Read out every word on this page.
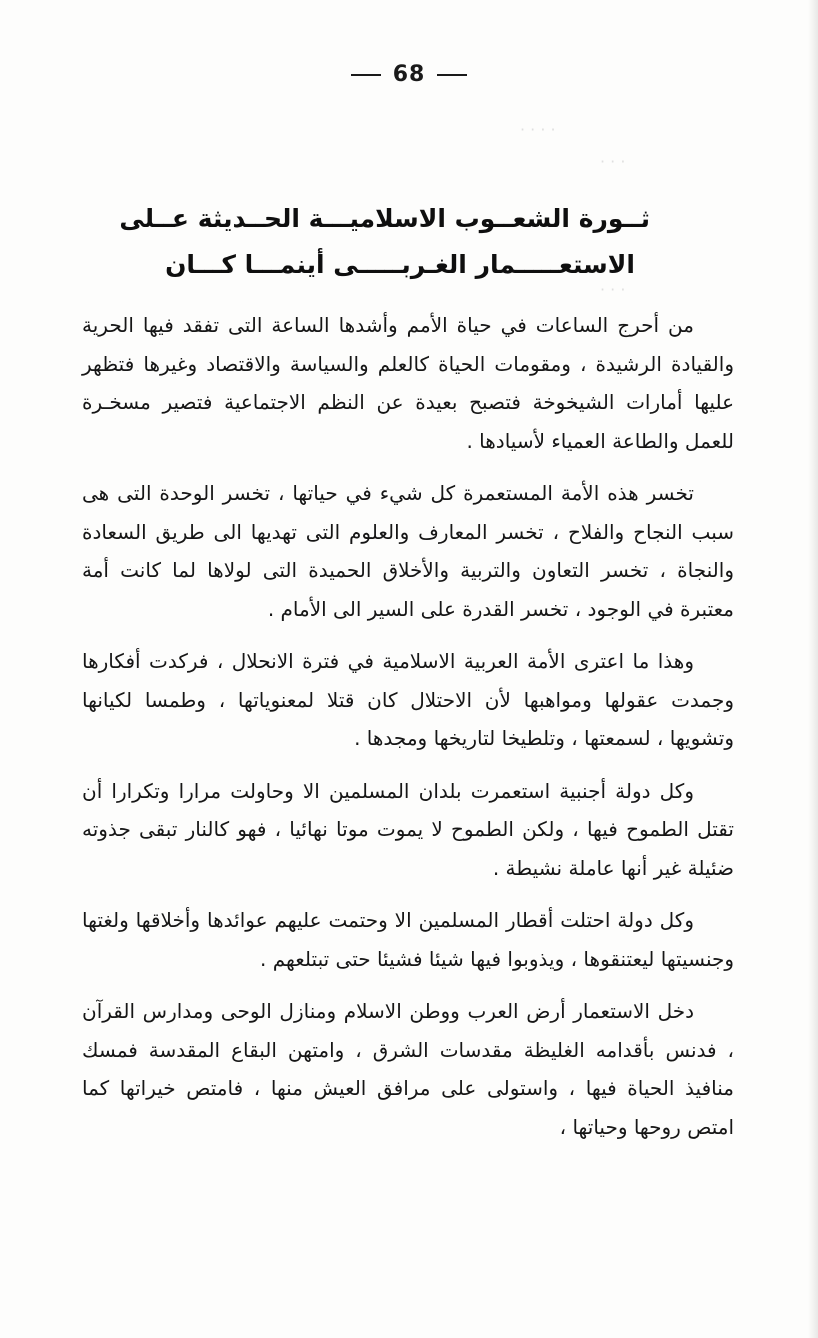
· · · ·
· · ·
· · ·
68
ثــورة الشعــوب الاسلاميـــة الحــديثة عــلى
الاستعـــــمار الغـربـــــى أينمـــا كـــان

من أحرج الساعات في حياة الأمم وأشدها الساعة التى تفقد فيها الحرية والقيادة الرشيدة ، ومقومات الحياة كالعلم والسياسة والاقتصاد وغيرها فتظهر عليها أمارات الشيخوخة فتصبح بعيدة عن النظم الاجتماعية فتصير مسخـرة للعمل والطاعة العمياء لأسيادها .

تخسر هذه الأمة المستعمرة كل شيء في حياتها ، تخسر الوحدة التى هى سبب النجاح والفلاح ، تخسر المعارف والعلوم التى تهديها الى طريق السعادة والنجاة ، تخسر التعاون والتربية والأخلاق الحميدة التى لولاها لما كانت أمة معتبرة في الوجود ، تخسر القدرة على السير الى الأمام .

وهذا ما اعترى الأمة العربية الاسلامية في فترة الانحلال ، فركدت أفكارها وجمدت عقولها ومواهبها لأن الاحتلال كان قتلا لمعنوياتها ، وطمسا لكيانها وتشويها ، لسمعتها ، وتلطيخا لتاريخها ومجدها .

وكل دولة أجنبية استعمرت بلدان المسلمين الا وحاولت مرارا وتكرارا أن تقتل الطموح فيها ، ولكن الطموح لا يموت موتا نهائيا ، فهو كالنار تبقى جذوته ضئيلة غير أنها عاملة نشيطة .

وكل دولة احتلت أقطار المسلمين الا وحتمت عليهم عوائدها وأخلاقها ولغتها وجنسيتها ليعتنقوها ، ويذوبوا فيها شيئا فشيئا حتى تبتلعهم .

دخل الاستعمار أرض العرب ووطن الاسلام ومنازل الوحى ومدارس القرآن ، فدنس بأقدامه الغليظة مقدسات الشرق ، وامتهن البقاع المقدسة فمسك منافيذ الحياة فيها ، واستولى على مرافق العيش منها ، فامتص خيراتها كما امتص روحها وحياتها ،
